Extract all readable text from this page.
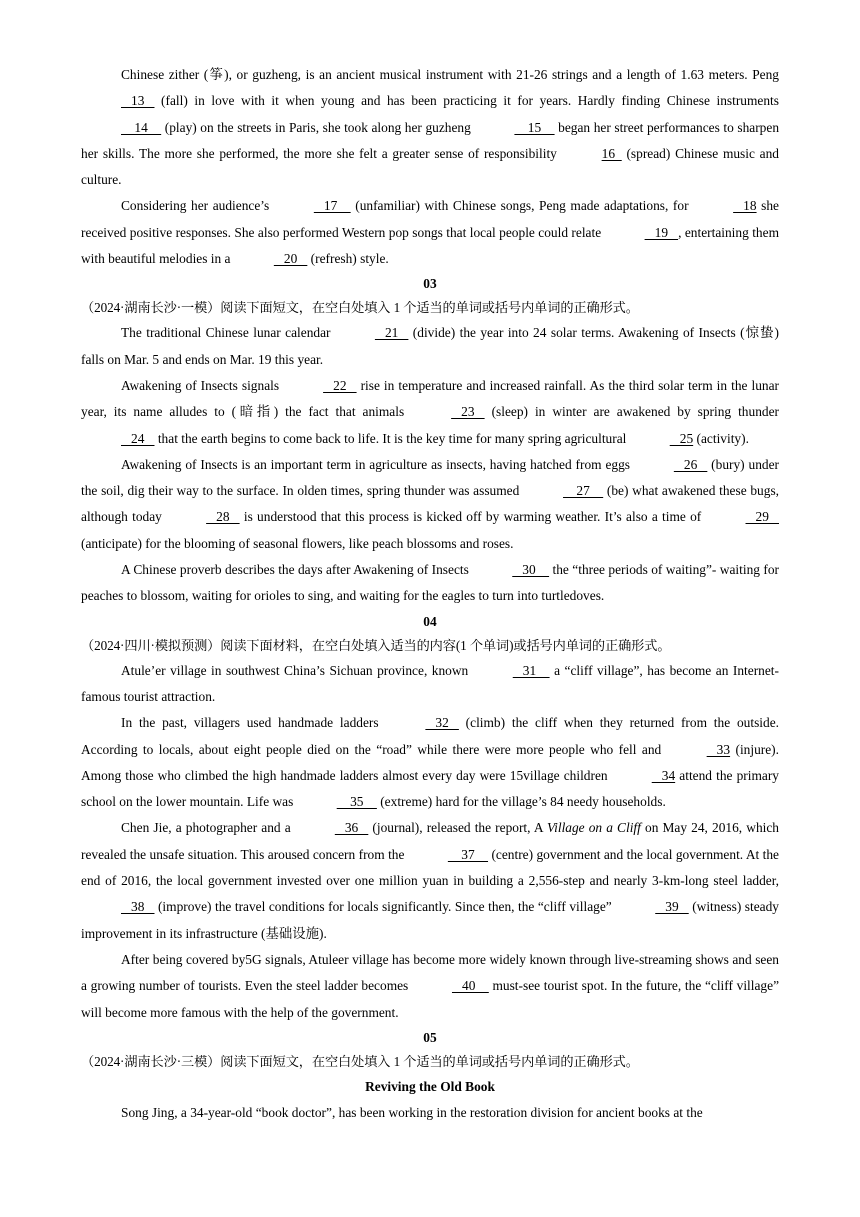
Chinese zither (筝), or guzheng, is an ancient musical instrument with 21-26 strings and a length of 1.63 meters. Peng    13    (fall) in love with it when young and has been practicing it for years. Hardly finding Chinese instruments     14     (play) on the streets in Paris, she took along her guzheng	15     began her street performances to sharpen her skills. The more she performed, the more she felt a greater sense of responsibility	16   (spread) Chinese music and culture.

Considering her audience’s	17     (unfamiliar) with Chinese songs, Peng made adaptations, for	18 she received positive responses. She also performed Western pop songs that local people could relate	19   , entertaining them with beautiful melodies in a	20    (refresh) style.

03
（2024·湖南长沙·一模）阅读下面短文，在空白处填入 1 个适当的单词或括号内单词的正确形式。

The traditional Chinese lunar calendar	21    (divide) the year into 24 solar terms. Awakening of Insects (惊蛰) falls on Mar. 5 and ends on Mar. 19 this year.

Awakening of Insects signals	22    rise in temperature and increased rainfall. As the third solar term in the lunar year, its name alludes to (暗指) the fact that animals	23    (sleep) in winter are awakened by spring thunder    24    that the earth begins to come back to life. It is the key time for many spring agricultural	25 (activity).

Awakening of Insects is an important term in agriculture as insects, having hatched from eggs	26    (bury) under the soil, dig their way to the surface. In olden times, spring thunder was assumed	27     (be) what awakened these bugs, although today	28    is understood that this process is kicked off by warming weather. It’s also a time of	29    (anticipate) for the blooming of seasonal flowers, like peach blossoms and roses.

A Chinese proverb describes the days after Awakening of Insects	30     the “three periods of waiting”- waiting for peaches to blossom, waiting for orioles to sing, and waiting for the eagles to turn into turtledoves.

04
（2024·四川·模拟预测）阅读下面材料，在空白处填入适当的内容(1 个单词)或括号内单词的正确形式。

Atule’er village in southwest China’s Sichuan province, known	31     a “cliff village”, has become an Internet-famous tourist attraction.

In the past, villagers used handmade ladders	32    (climb) the cliff when they returned from the outside. According to locals, about eight people died on the “road” while there were more people who fell and	33 (injure). Among those who climbed the high handmade ladders almost every day were 15village children	34 attend the primary school on the lower mountain. Life was	35     (extreme) hard for the village’s 84 needy households.

Chen Jie, a photographer and a	36    (journal), released the report, A Village on a Cliff on May 24, 2016, which revealed the unsafe situation. This aroused concern from the	37     (centre) government and the local government. At the end of 2016, the local government invested over one million yuan in building a 2,556-step and nearly 3-km-long steel ladder,    38    (improve) the travel conditions for locals significantly. Since then, the “cliff village”	39    (witness) steady improvement in its infrastructure (基础设施).

After being covered by5G signals, Atuleer village has become more widely known through live-streaming shows and seen a growing number of tourists. Even the steel ladder becomes	40     must-see tourist spot. In the future, the “cliff village” will become more famous with the help of the government.

05
（2024·湖南长沙·三模）阅读下面短文，在空白处填入 1 个适当的单词或括号内单词的正确形式。
Reviving the Old Book

Song Jing, a 34-year-old “book doctor”, has been working in the restoration division for ancient books at the
